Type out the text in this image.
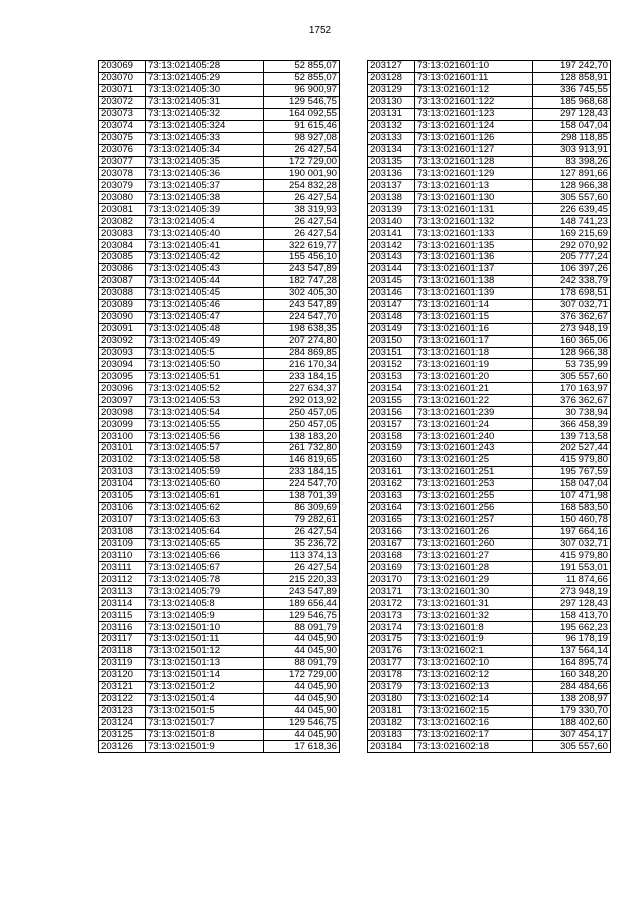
1752
203069	73:13:021405:28	52 855,07
203070	73:13:021405:29	52 855,07
203071	73:13:021405:30	96 900,97
203072	73:13:021405:31	129 546,75
203073	73:13:021405:32	164 092,55
203074	73:13:021405:324	91 615,46
203075	73:13:021405:33	98 927,08
203076	73:13:021405:34	26 427,54
203077	73:13:021405:35	172 729,00
203078	73:13:021405:36	190 001,90
203079	73:13:021405:37	254 832,28
203080	73:13:021405:38	26 427,54
203081	73:13:021405:39	38 319,93
203082	73:13:021405:4	26 427,54
203083	73:13:021405:40	26 427,54
203084	73:13:021405:41	322 619,77
203085	73:13:021405:42	155 456,10
203086	73:13:021405:43	243 547,89
203087	73:13:021405:44	182 747,28
203088	73:13:021405:45	302 405,30
203089	73:13:021405:46	243 547,89
203090	73:13:021405:47	224 547,70
203091	73:13:021405:48	198 638,35
203092	73:13:021405:49	207 274,80
203093	73:13:021405:5	284 869,85
203094	73:13:021405:50	216 170,34
203095	73:13:021405:51	233 184,15
203096	73:13:021405:52	227 634,37
203097	73:13:021405:53	292 013,92
203098	73:13:021405:54	250 457,05
203099	73:13:021405:55	250 457,05
203100	73:13:021405:56	138 183,20
203101	73:13:021405:57	261 732,80
203102	73:13:021405:58	146 819,65
203103	73:13:021405:59	233 184,15
203104	73:13:021405:60	224 547,70
203105	73:13:021405:61	138 701,39
203106	73:13:021405:62	86 309,69
203107	73:13:021405:63	79 282,61
203108	73:13:021405:64	26 427,54
203109	73:13:021405:65	35 236,72
203110	73:13:021405:66	113 374,13
203111	73:13:021405:67	26 427,54
203112	73:13:021405:78	215 220,33
203113	73:13:021405:79	243 547,89
203114	73:13:021405:8	189 656,44
203115	73:13:021405:9	129 546,75
203116	73:13:021501:10	88 091,79
203117	73:13:021501:11	44 045,90
203118	73:13:021501:12	44 045,90
203119	73:13:021501:13	88 091,79
203120	73:13:021501:14	172 729,00
203121	73:13:021501:2	44 045,90
203122	73:13:021501:4	44 045,90
203123	73:13:021501:5	44 045,90
203124	73:13:021501:7	129 546,75
203125	73:13:021501:8	44 045,90
203126	73:13:021501:9	17 618,36
203127	73:13:021601:10	197 242,70
203128	73:13:021601:11	128 858,91
203129	73:13:021601:12	336 745,55
203130	73:13:021601:122	185 968,68
203131	73:13:021601:123	297 128,43
203132	73:13:021601:124	158 047,04
203133	73:13:021601:126	298 118,85
203134	73:13:021601:127	303 913,91
203135	73:13:021601:128	83 398,26
203136	73:13:021601:129	127 891,66
203137	73:13:021601:13	128 966,38
203138	73:13:021601:130	305 557,60
203139	73:13:021601:131	226 639,45
203140	73:13:021601:132	148 741,23
203141	73:13:021601:133	169 215,69
203142	73:13:021601:135	292 070,92
203143	73:13:021601:136	205 777,24
203144	73:13:021601:137	106 397,26
203145	73:13:021601:138	242 338,79
203146	73:13:021601:139	178 698,51
203147	73:13:021601:14	307 032,71
203148	73:13:021601:15	376 362,67
203149	73:13:021601:16	273 948,19
203150	73:13:021601:17	160 365,06
203151	73:13:021601:18	128 966,38
203152	73:13:021601:19	53 735,99
203153	73:13:021601:20	305 557,60
203154	73:13:021601:21	170 163,97
203155	73:13:021601:22	376 362,67
203156	73:13:021601:239	30 738,94
203157	73:13:021601:24	366 458,39
203158	73:13:021601:240	139 713,58
203159	73:13:021601:243	202 527,44
203160	73:13:021601:25	415 979,80
203161	73:13:021601:251	195 767,59
203162	73:13:021601:253	158 047,04
203163	73:13:021601:255	107 471,98
203164	73:13:021601:256	168 583,50
203165	73:13:021601:257	150 460,78
203166	73:13:021601:26	197 664,16
203167	73:13:021601:260	307 032,71
203168	73:13:021601:27	415 979,80
203169	73:13:021601:28	191 553,01
203170	73:13:021601:29	11 874,66
203171	73:13:021601:30	273 948,19
203172	73:13:021601:31	297 128,43
203173	73:13:021601:32	158 413,70
203174	73:13:021601:8	195 662,23
203175	73:13:021601:9	96 178,19
203176	73:13:021602:1	137 564,14
203177	73:13:021602:10	164 895,74
203178	73:13:021602:12	160 348,20
203179	73:13:021602:13	284 484,66
203180	73:13:021602:14	138 208,97
203181	73:13:021602:15	179 330,70
203182	73:13:021602:16	188 402,60
203183	73:13:021602:17	307 454,17
203184	73:13:021602:18	305 557,60
